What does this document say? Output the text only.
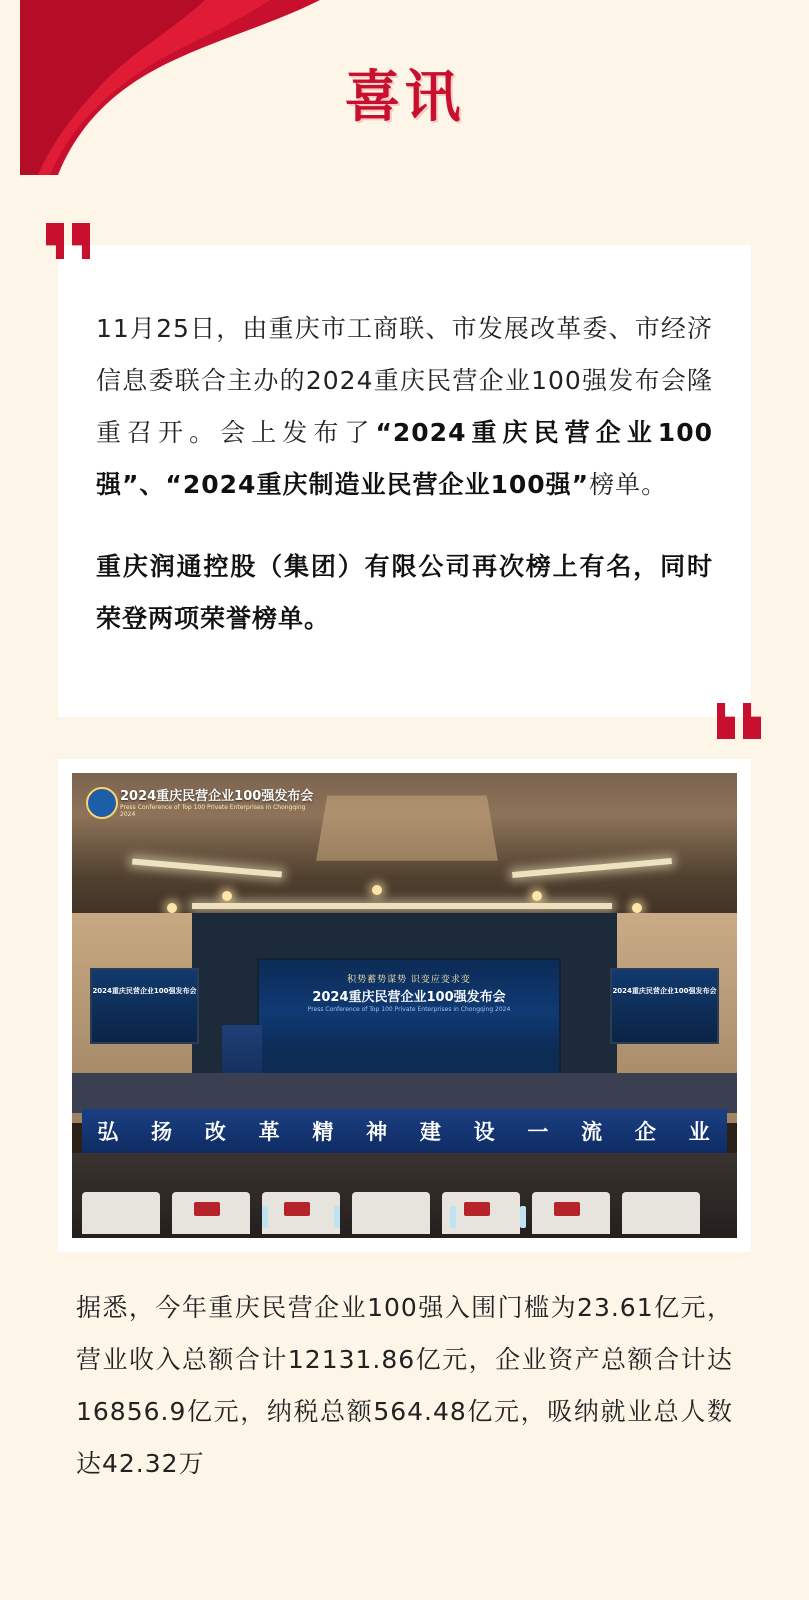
喜讯

11月25日，由重庆市工商联、市发展改革委、市经济信息委联合主办的2024重庆民营企业100强发布会隆重召开。会上发布了“2024重庆民营企业100强”、“2024重庆制造业民营企业100强”榜单。

重庆润通控股（集团）有限公司再次榜上有名，同时荣登两项荣誉榜单。

2024重庆民营企业100强发布会	2024重庆民营企业100强发布会
积势蓄势谋势 识变应变求变
2024重庆民营企业100强发布会
Press Conference of Top 100 Private Enterprises in Chongqing 2024
弘 扬 改 革 精 神 建 设 一 流 企 业
2024重庆民营企业100强发布会
Press Conference of Top 100 Private Enterprises in Chongqing 2024
据悉，今年重庆民营企业100强入围门槛为23.61亿元，营业收入总额合计12131.86亿元，企业资产总额合计达16856.9亿元，纳税总额564.48亿元，吸纳就业总人数达42.32万
